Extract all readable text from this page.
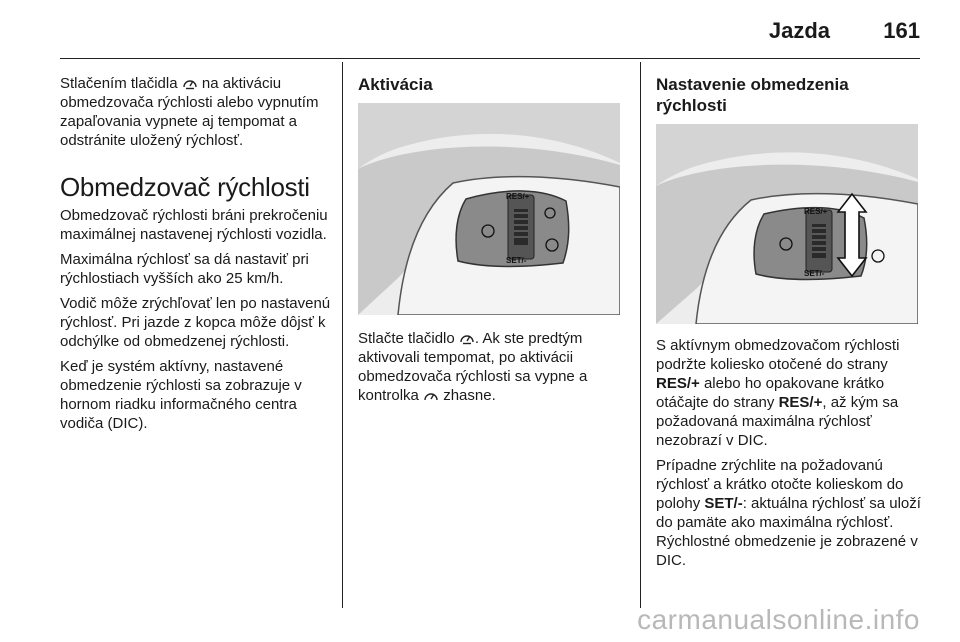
Jazda 161

Stlačením tlačidla  na aktiváciu obmedzovača rýchlosti alebo vypnutím zapaľovania vypnete aj tempomat a odstránite uložený rýchlosť.

Obmedzovač rýchlosti

Obmedzovač rýchlosti bráni prekročeniu maximálnej nastavenej rýchlosti vozidla.

Maximálna rýchlosť sa dá nastaviť pri rýchlostiach vyšších ako 25 km/h.

Vodič môže zrýchľovať len po nastavenú rýchlosť. Pri jazde z kopca môže dôjsť k odchýlke od obmedzenej rýchlosti.

Keď je systém aktívny, nastavené obmedzenie rýchlosti sa zobrazuje v hornom riadku informačného centra vodiča (DIC).

Aktivácia
RES/+
SET/-

Stlačte tlačidlo . Ak ste predtým aktivovali tempomat, po aktivácii obmedzovača rýchlosti sa vypne a kontrolka  zhasne.

Nastavenie obmedzenia rýchlosti
RES/+
SET/-

S aktívnym obmedzovačom rýchlosti podržte koliesko otočené do strany RES/+ alebo ho opakovane krátko otáčajte do strany RES/+, až kým sa požadovaná maximálna rýchlosť nezobrazí v DIC.

Prípadne zrýchlite na požadovanú rýchlosť a krátko otočte kolieskom do polohy SET/-: aktuálna rýchlosť sa uloží do pamäte ako maximálna rýchlosť. Rýchlostné obmedzenie je zobrazené v DIC.

carmanualsonline.info
